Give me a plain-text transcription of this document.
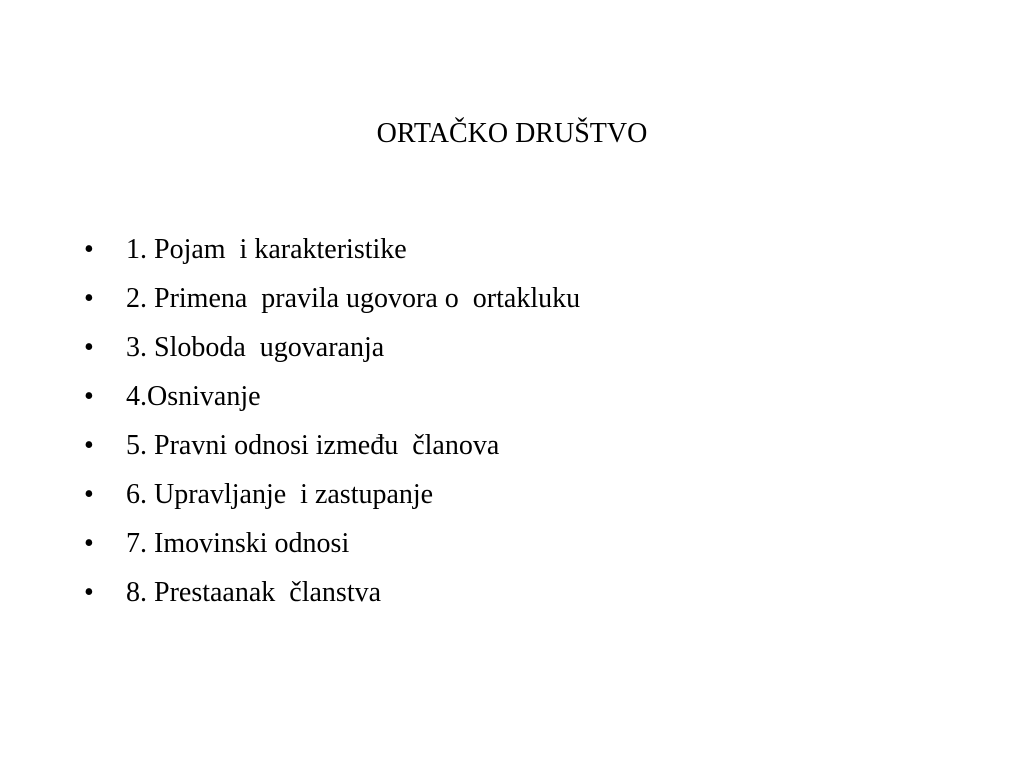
ORTAČKO DRUŠTVO

•

	1. Pojam  i karakteristike

•

	2. Primena  pravila ugovora o  ortakluku

•

	3. Sloboda  ugovaranja

•

	4.Osnivanje

•

	5. Pravni odnosi između  članova

•

	6. Upravljanje  i zastupanje

•

	7. Imovinski odnosi

•

	8. Prestaanak  članstva
